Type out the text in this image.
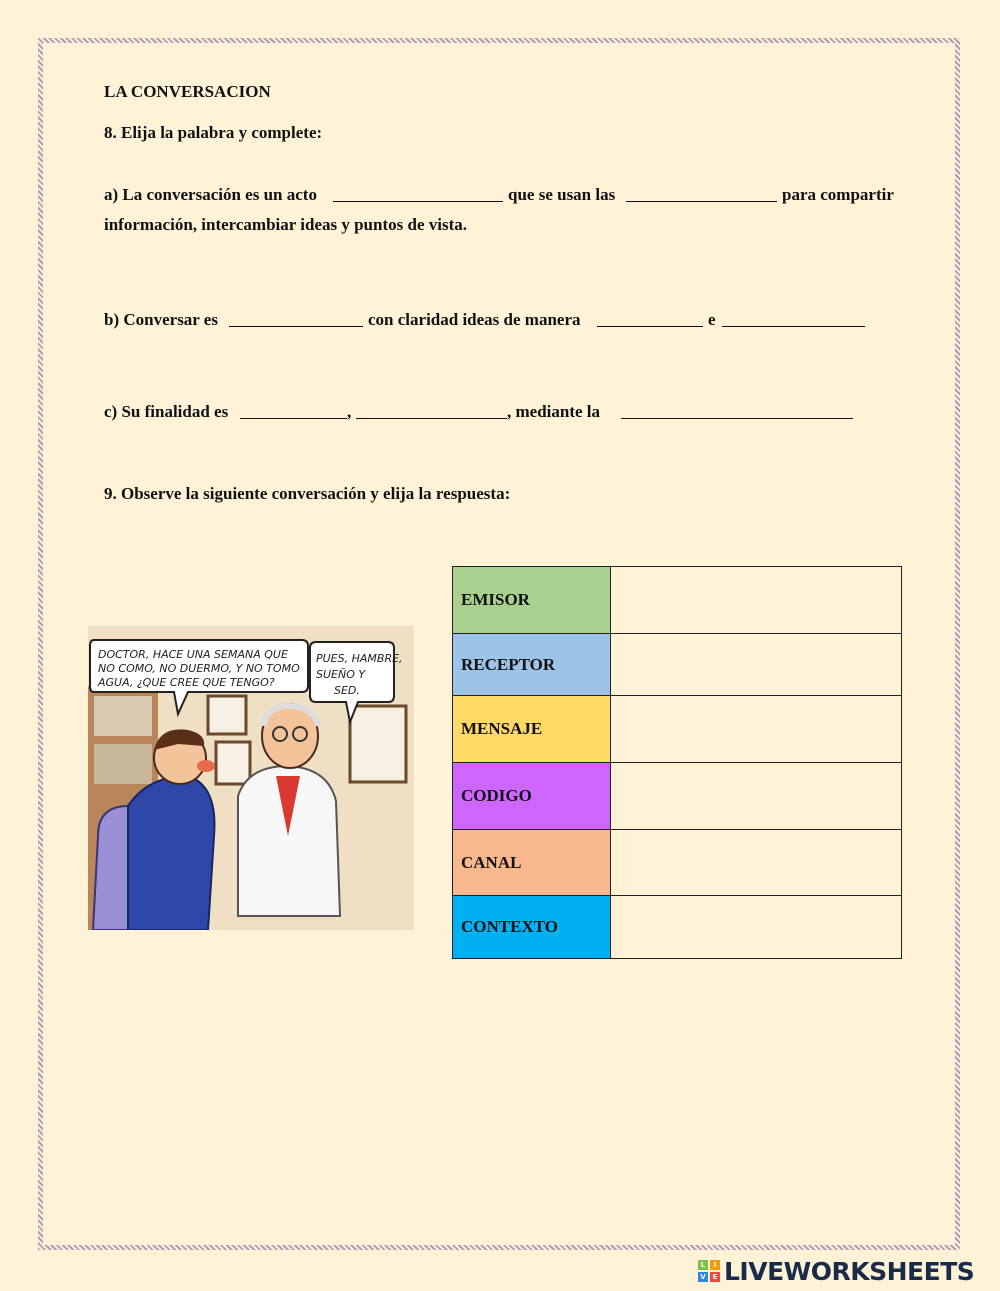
LA CONVERSACION
8. Elija la palabra y complete:
a) La conversación es un acto	que se usan las	para compartir
información, intercambiar ideas y puntos de vista.
b) Conversar es	con claridad ideas de manera	e
c) Su finalidad es	,	, mediante la
9. Observe la siguiente conversación y elija la respuesta:
DOCTOR, HACE UNA SEMANA QUE
NO COMO, NO DUERMO, Y NO TOMO
AGUA, ¿QUE CREE QUE TENGO?
PUES, HAMBRE,
SUEÑO Y
SED.
EMISOR	
RECEPTOR	
MENSAJE	
CODIGO	
CANAL	
CONTEXTO	
L	I
V E LIVEWORKSHEETS
